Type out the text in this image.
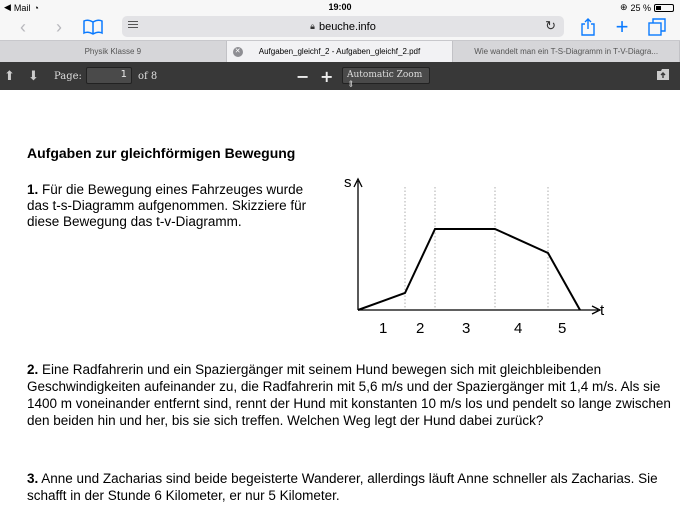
◀ Mail ◔	19:00	⊕ 25 %
‹	›	🔒︎ beuche.info	↻	+
Physik Klasse 9	✕ Aufgaben_gleichf_2 - Aufgaben_gleichf_2.pdf	Wie wandelt man ein T-S-Diagramm in T-V-Diagra...
⬆ ⬇ Page:	1	of 8	− +	Automatic Zoom ⇕
Aufgaben zur gleichförmigen Bewegung
1. Für die Bewegung eines Fahrzeuges wurde das t-s-Diagramm aufgenommen. Skizziere für diese Bewegung das t-v-Diagramm.
s
t
1 2	3	4 5
2. Eine Radfahrerin und ein Spaziergänger mit seinem Hund bewegen sich mit gleichbleibenden Geschwindigkeiten aufeinander zu, die Radfahrerin mit 5,6 m/s und der Spaziergänger mit 1,4 m/s. Als sie 1400 m voneinander entfernt sind, rennt der Hund mit konstanten 10 m/s los und pendelt so lange zwischen den beiden hin und her, bis sie sich treffen. Welchen Weg legt der Hund dabei zurück?
3. Anne und Zacharias sind beide begeisterte Wanderer, allerdings läuft Anne schneller als Zacharias. Sie schafft in der Stunde 6 Kilometer, er nur 5 Kilometer.
